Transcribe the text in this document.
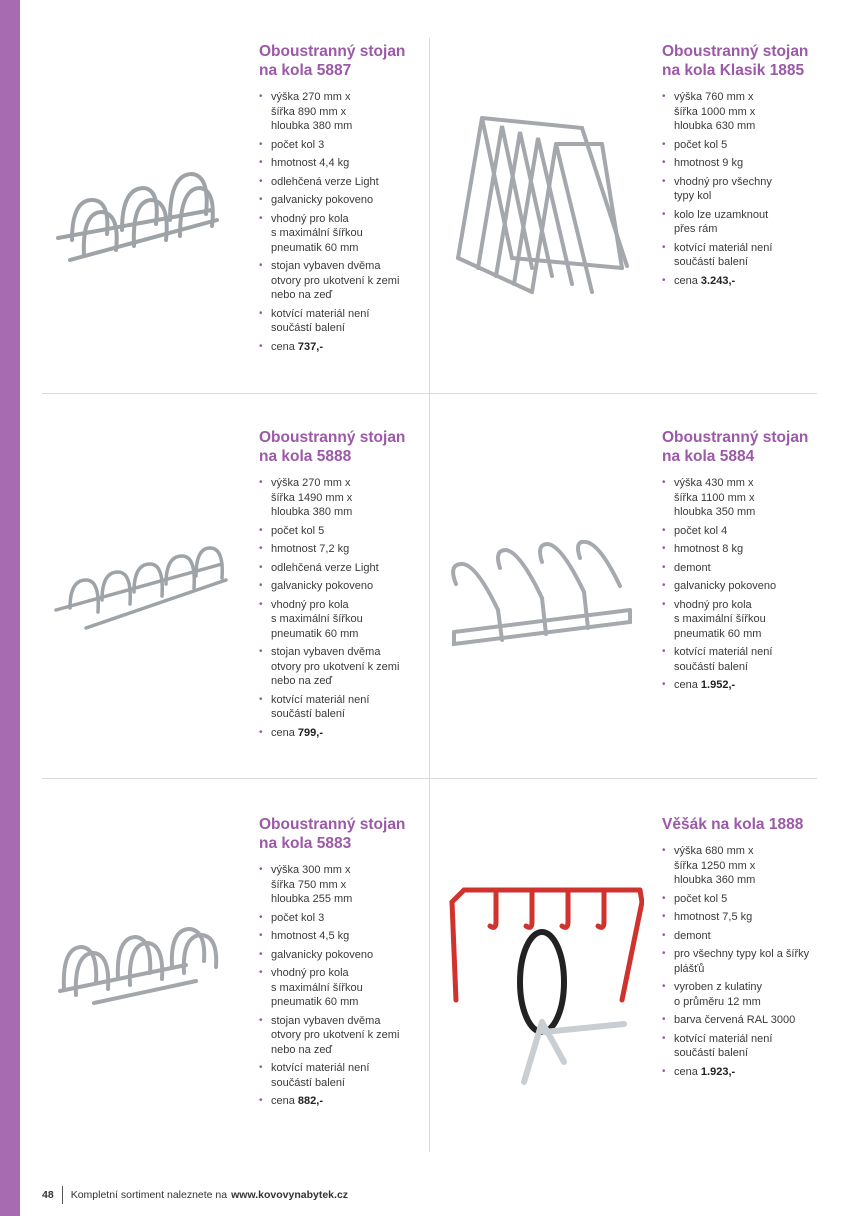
Oboustranný stojan
na kola 5887
• výška 270 mm x
šířka 890 mm x
hloubka 380 mm
• počet kol 3
• hmotnost 4,4 kg
• odlehčená verze Light
• galvanicky pokoveno
• vhodný pro kola
s maximální šířkou
pneumatik 60 mm
• stojan vybaven dvěma
otvory pro ukotvení k zemi
nebo na zeď
• kotvící materiál není
součástí balení
• cena 737,-
Oboustranný stojan
na kola Klasik 1885
• výška 760 mm x
šířka 1000 mm x
hloubka 630 mm
• počet kol 5
• hmotnost 9 kg
• vhodný pro všechny
typy kol
• kolo lze uzamknout
přes rám
• kotvící materiál není
součástí balení
• cena 3.243,-
Oboustranný stojan
na kola 5888
• výška 270 mm x
šířka 1490 mm x
hloubka 380 mm
• počet kol 5
• hmotnost 7,2 kg
• odlehčená verze Light
• galvanicky pokoveno
• vhodný pro kola
s maximální šířkou
pneumatik 60 mm
• stojan vybaven dvěma
otvory pro ukotvení k zemi
nebo na zeď
• kotvící materiál není
součástí balení
• cena 799,-
Oboustranný stojan
na kola 5884
• výška 430 mm x
šířka 1100 mm x
hloubka 350 mm
• počet kol 4
• hmotnost 8 kg
• demont
• galvanicky pokoveno
• vhodný pro kola
s maximální šířkou
pneumatik 60 mm
• kotvící materiál není
součástí balení
• cena 1.952,-
Oboustranný stojan
na kola 5883
• výška 300 mm x
šířka 750 mm x
hloubka 255 mm
• počet kol 3
• hmotnost 4,5 kg
• galvanicky pokoveno
• vhodný pro kola
s maximální šířkou
pneumatik 60 mm
• stojan vybaven dvěma
otvory pro ukotvení k zemi
nebo na zeď
• kotvící materiál není
součástí balení
• cena 882,-
Věšák na kola 1888
• výška 680 mm x
šířka 1250 mm x
hloubka 360 mm
• počet kol 5
• hmotnost 7,5 kg
• demont
• pro všechny typy kol a šířky
plášťů
• vyroben z kulatiny
o průměru 12 mm
• barva červená RAL 3000
• kotvící materiál není
součástí balení
• cena 1.923,-
48 Kompletní sortiment naleznete na www.kovovynabytek.cz
